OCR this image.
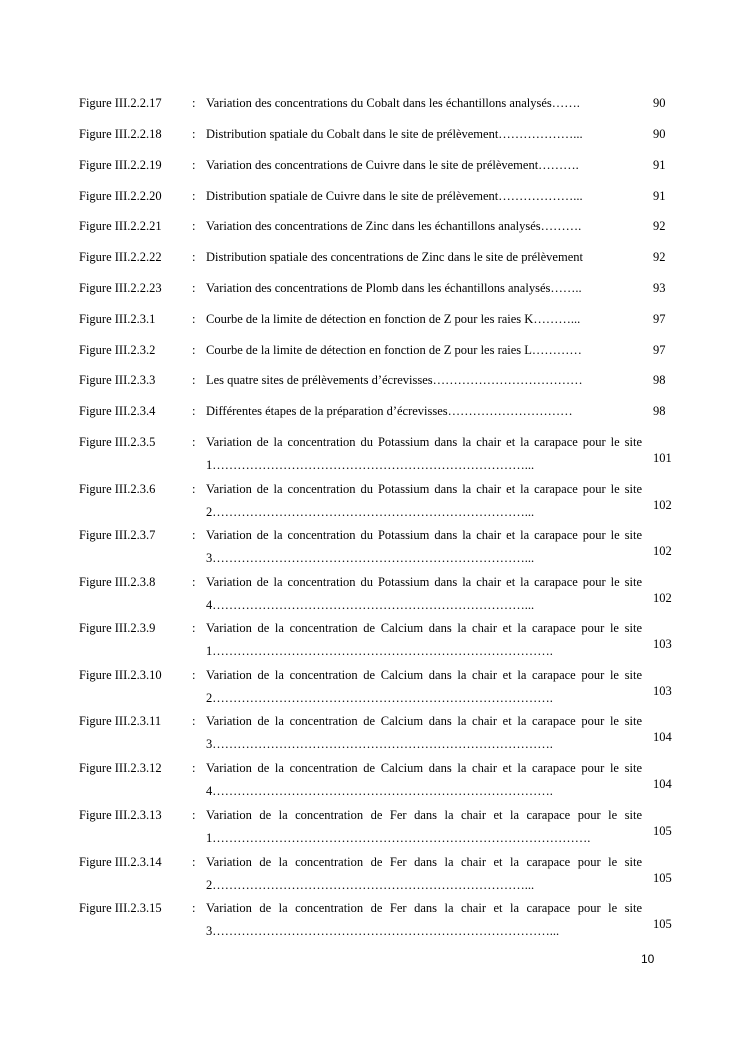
Figure III.2.2.17 : Variation des concentrations du Cobalt dans les échantillons analysés…….	90
Figure III.2.2.18 : Distribution spatiale du Cobalt dans le site de prélèvement………………...	90
Figure III.2.2.19 : Variation des concentrations de Cuivre dans le site de prélèvement……….	91
Figure III.2.2.20 : Distribution spatiale de Cuivre dans le site de prélèvement………………...	91
Figure III.2.2.21 : Variation des concentrations de Zinc dans les échantillons analysés……….	92
Figure III.2.2.22 : Distribution spatiale des concentrations de Zinc dans le site de prélèvement	92
Figure III.2.2.23 : Variation des concentrations de Plomb dans les échantillons analysés……..	93
Figure III.2.3.1	: Courbe de la limite de détection en fonction de Z pour les raies K………...	97
Figure III.2.3.2	: Courbe de la limite de détection en fonction de Z pour les raies L…………	97
Figure III.2.3.3	: Les quatre sites de prélèvements d’écrevisses………………………………	98
Figure III.2.3.4	: Différentes étapes de la préparation d’écrevisses…………………………	98
Figure III.2.3.5	: Variation de la concentration du Potassium dans la chair et la carapace pour le site 1…………………………………………………………………...	101
Figure III.2.3.6	: Variation de la concentration du Potassium dans la chair et la carapace pour le site 2…………………………………………………………………...	102
Figure III.2.3.7	: Variation de la concentration du Potassium dans la chair et la carapace pour le site 3…………………………………………………………………...	102
Figure III.2.3.8	: Variation de la concentration du Potassium dans la chair et la carapace pour le site 4…………………………………………………………………...	102
Figure III.2.3.9	: Variation de la concentration de Calcium dans la chair et la carapace pour le site 1……………………………………………………………………….	103
Figure III.2.3.10 : Variation de la concentration de Calcium dans la chair et la carapace pour le site 2……………………………………………………………………….	103
Figure III.2.3.11 : Variation de la concentration de Calcium dans la chair et la carapace pour le site 3……………………………………………………………………….	104
Figure III.2.3.12 : Variation de la concentration de Calcium dans la chair et la carapace pour le site 4……………………………………………………………………….	104
Figure III.2.3.13 : Variation de la concentration de Fer dans la chair et la carapace pour le site 1……………………………………………………………………………….	105
Figure III.2.3.14 : Variation de la concentration de Fer dans la chair et la carapace pour le site 2…………………………………………………………………...	105
Figure III.2.3.15 : Variation de la concentration de Fer dans la chair et la carapace pour le site 3………………………………………………………………………...	105
10
